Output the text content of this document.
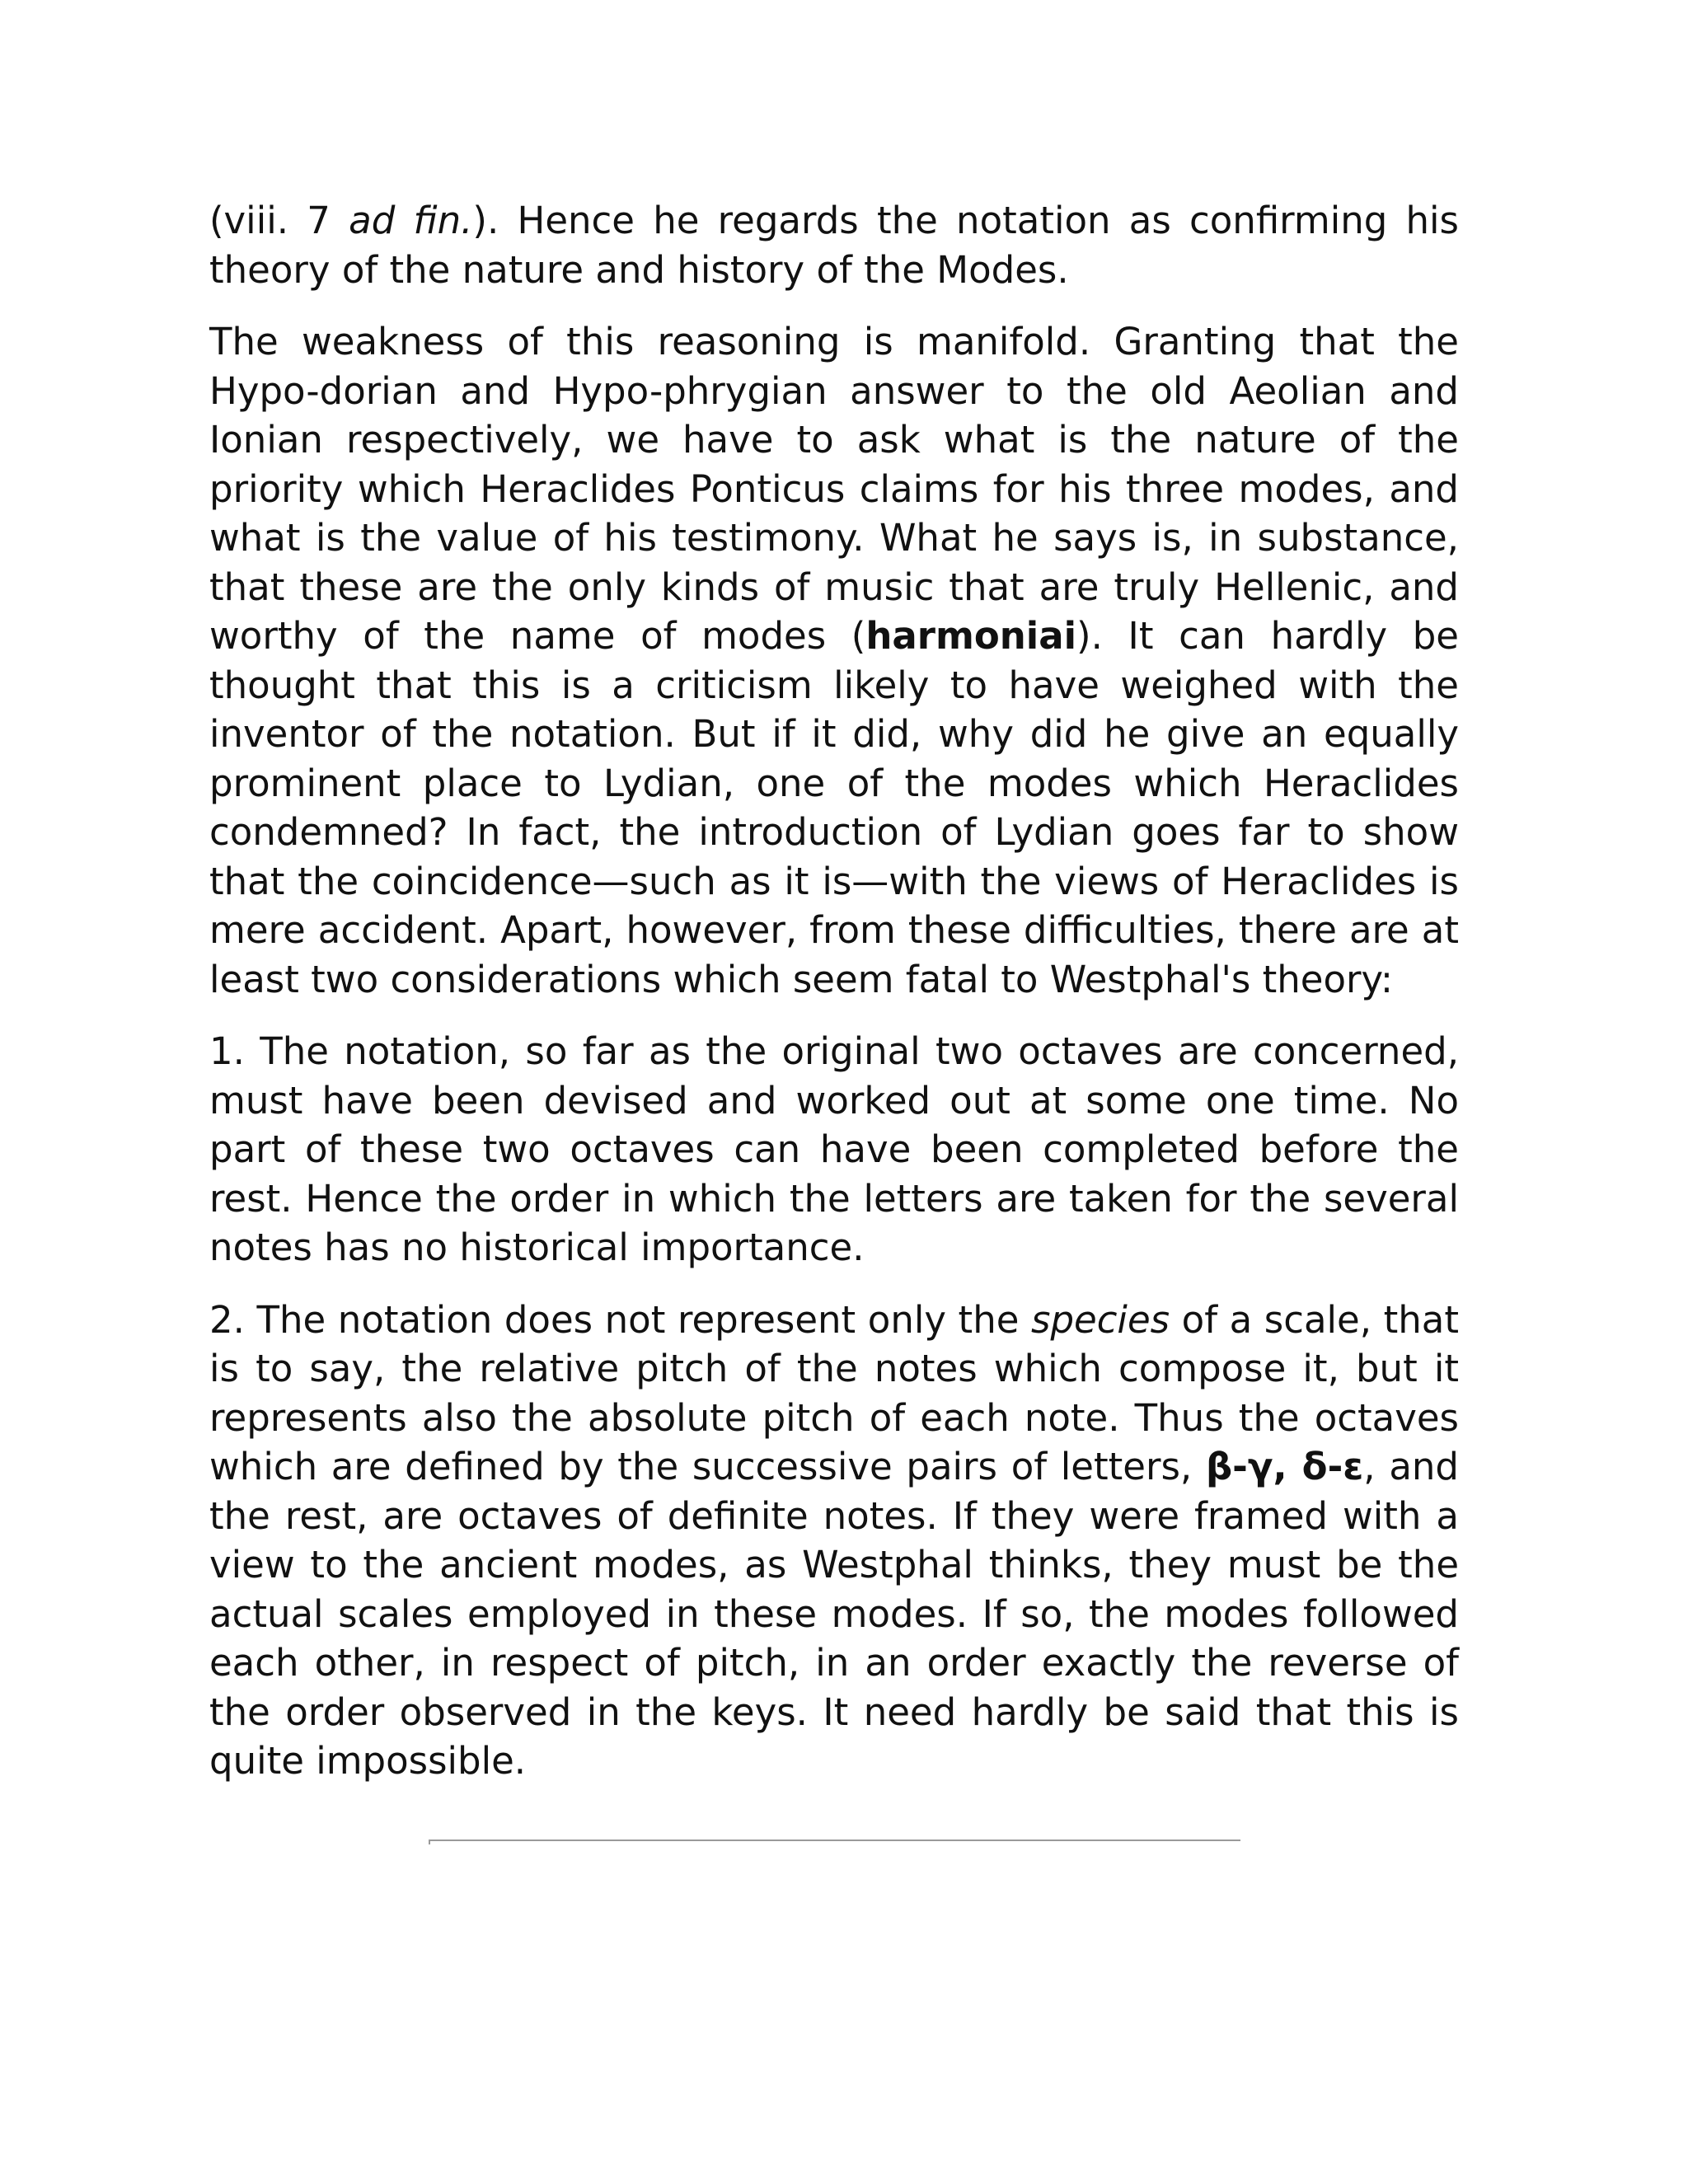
(viii. 7 ad fin.). Hence he regards the notation as confirming his theory of the nature and history of the Modes.

The weakness of this reasoning is manifold. Granting that the Hypo-dorian and Hypo-phrygian answer to the old Aeolian and Ionian respectively, we have to ask what is the nature of the priority which Heraclides Ponticus claims for his three modes, and what is the value of his testimony. What he says is, in substance, that these are the only kinds of music that are truly Hellenic, and worthy of the name of modes (harmoniai). It can hardly be thought that this is a criticism likely to have weighed with the inventor of the notation. But if it did, why did he give an equally prominent place to Lydian, one of the modes which Heraclides condemned? In fact, the introduction of Lydian goes far to show that the coincidence—such as it is—with the views of Heraclides is mere accident. Apart, however, from these difficulties, there are at least two considerations which seem fatal to Westphal's theory:

1. The notation, so far as the original two octaves are concerned, must have been devised and worked out at some one time. No part of these two octaves can have been completed before the rest. Hence the order in which the letters are taken for the several notes has no historical importance.

2. The notation does not represent only the species of a scale, that is to say, the relative pitch of the notes which compose it, but it represents also the absolute pitch of each note. Thus the octaves which are defined by the successive pairs of letters, β-γ, δ-ε, and the rest, are octaves of definite notes. If they were framed with a view to the ancient modes, as Westphal thinks, they must be the actual scales employed in these modes. If so, the modes followed each other, in respect of pitch, in an order exactly the reverse of the order observed in the keys. It need hardly be said that this is quite impossible.
